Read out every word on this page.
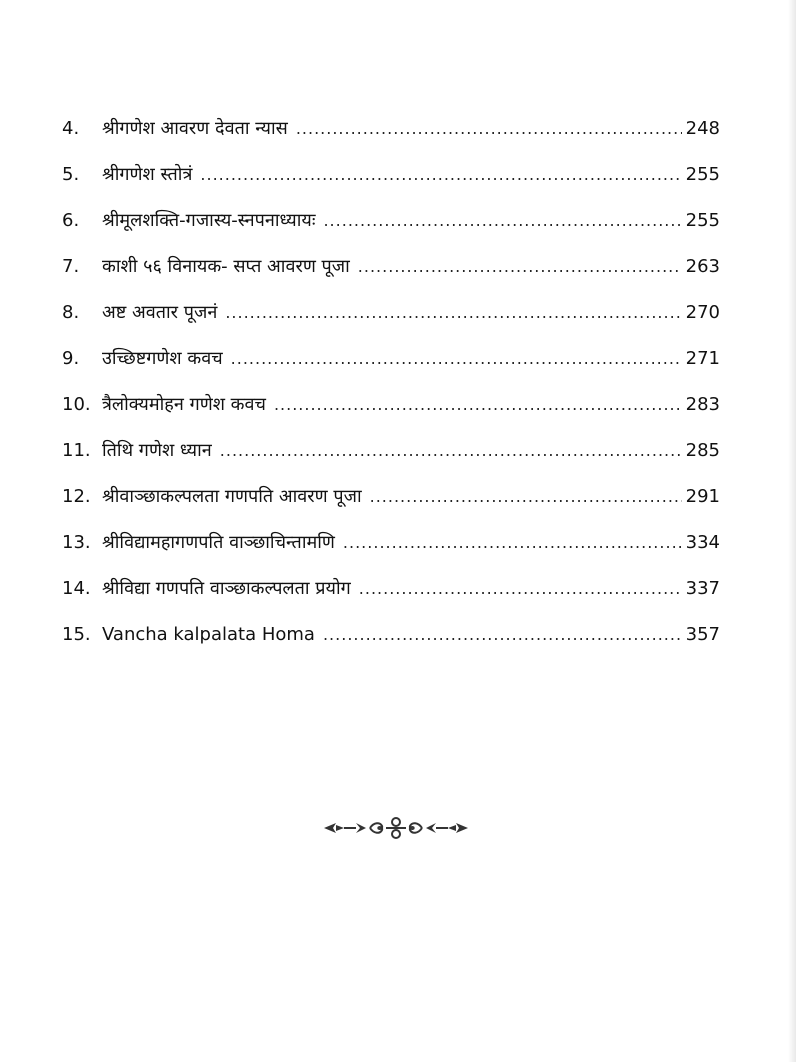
4.	श्रीगणेश आवरण देवता न्यास .....	248
5.	श्रीगणेश स्तोत्रं .....	255
6.	श्रीमूलशक्ति-गजास्य-स्नपनाध्यायः .....	255
7.	काशी ५६ विनायक- सप्त आवरण पूजा .....	263
8.	अष्ट अवतार पूजनं .....	270
9.	उच्छिष्टगणेश कवच .....	271
10. त्रैलोक्यमोहन गणेश कवच .....	283
11. तिथि गणेश ध्यान .....	285
12. श्रीवाञ्छाकल्पलता गणपति आवरण पूजा .....	291
13. श्रीविद्यामहागणपति वाञ्छाचिन्तामणि .....	334
14. श्रीविद्या गणपति वाञ्छाकल्पलता प्रयोग .....	337
15. Vancha kalpalata Homa .....	357
